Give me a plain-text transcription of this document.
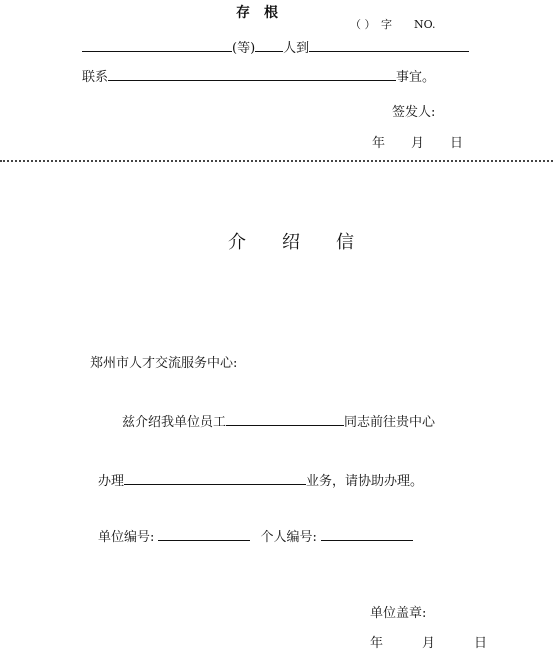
存　根
（ ）　字　　NO.
(等) 人到
联系	事宜。
签发人:
年　　月　　日
介　　绍　　信
郑州市人才交流服务中心:
兹介绍我单位员工	同志前往贵中心
办理	业务，请协助办理。
单位编号:	个人编号:
单位盖章:
年　　　月　　　日
